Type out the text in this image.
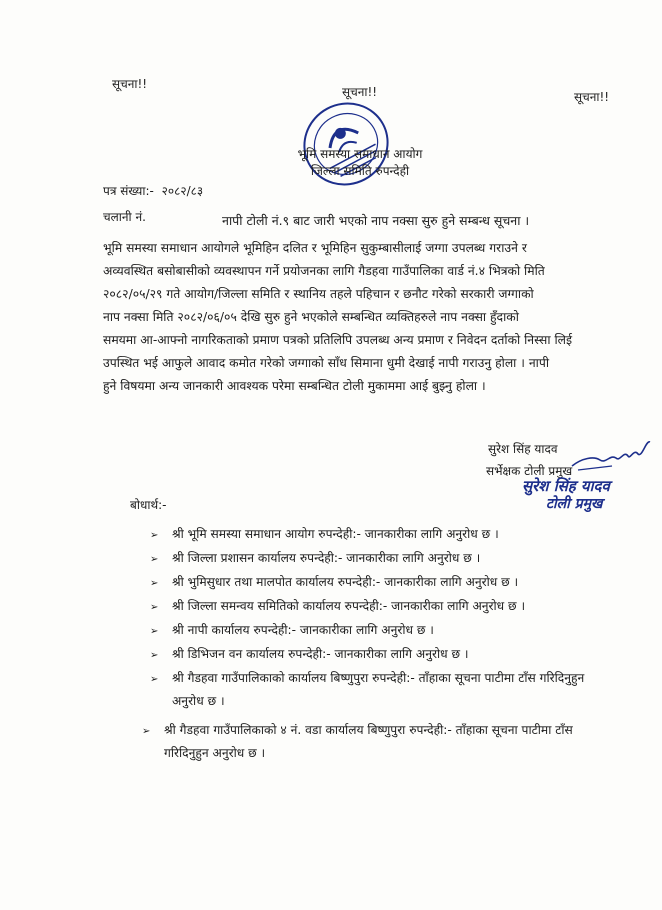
सूचना!!
सूचना!!	सूचना!!
भूमि समस्या समाधान आयोग
जिल्ला समिति रुपन्देही
पत्र संख्या:- २०८२/८३
चलानी नं.	नापी टोली नं.९ बाट जारी भएको नाप नक्सा सुरु हुने सम्बन्ध सूचना ।
भूमि समस्या समाधान आयोगले भूमिहिन दलित र भूमिहिन सुकुम्बासीलाई जग्गा उपलब्ध गराउने र
अव्यवस्थित बसोबासीको व्यवस्थापन गर्ने प्रयोजनका लागि गैडहवा गाउँपालिका वार्ड नं.४ भित्रको मिति
२०८२/०५/२९ गते आयोग/जिल्ला समिति र स्थानिय तहले पहिचान र छनौट गरेको सरकारी जग्गाको
नाप नक्सा मिति २०८२/०६/०५ देखि सुरु हुने भएकोले सम्बन्धित व्यक्तिहरुले नाप नक्सा हुँदाको
समयमा आ-आफ्नो नागरिकताको प्रमाण पत्रको प्रतिलिपि उपलब्ध अन्य प्रमाण र निवेदन दर्ताको निस्सा लिई
उपस्थित भई आफुले आवाद कमोत गरेको जग्गाको साँध सिमाना धुमी देखाई नापी गराउनु होला । नापी
हुने विषयमा अन्य जानकारी आवश्यक परेमा सम्बन्धित टोली मुकाममा आई बुझ्नु होला ।
सुरेश सिंह यादव
सर्भेक्षक टोली प्रमुख
सुरेश सिंह यादव
टोली प्रमुख
बोधार्थ:-
➢	श्री भूमि समस्या समाधान आयोग रुपन्देही:- जानकारीका लागि अनुरोध छ ।
➢	श्री जिल्ला प्रशासन कार्यालय रुपन्देही:- जानकारीका लागि अनुरोध छ ।
➢	श्री भुमिसुधार तथा मालपोत कार्यालय रुपन्देही:- जानकारीका लागि अनुरोध छ ।
➢	श्री जिल्ला समन्वय समितिको कार्यालय रुपन्देही:- जानकारीका लागि अनुरोध छ ।
➢	श्री नापी कार्यालय रुपन्देही:- जानकारीका लागि अनुरोध छ ।
➢	श्री डिभिजन वन कार्यालय रुपन्देही:- जानकारीका लागि अनुरोध छ ।
➢	श्री गैडहवा गाउँपालिकाको कार्यालय बिष्णुपुरा रुपन्देही:- ताँहाका सूचना पाटीमा टाँस गरिदिनुहुन अनुरोध छ ।
➢	श्री गैडहवा गाउँपालिकाको ४ नं. वडा कार्यालय बिष्णुपुरा रुपन्देही:- ताँहाका सूचना पाटीमा टाँस गरिदिनुहुन अनुरोध छ ।
